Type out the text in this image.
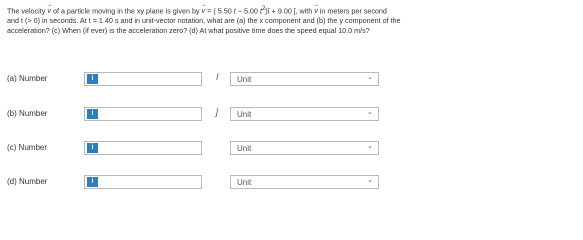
The velocity → v of a particle moving in the xy plane is given by → v = ( 5.50 t − 5.00 $t^2)î + 9.00$ ĵ, with → v in meters per second

and t (> 0) in seconds. At t = 1.40 s and in unit-vector notation, what are (a) the x component and (b) the y component of the

acceleration? (c) When (if ever) is the acceleration zero? (d) At what positive time does the speed equal 10.0 m/s?

(a) Number	i	î Unit	⌄
(b) Number	i	ĵ Unit	⌄
(c) Number	i	Unit	⌄
(d) Number	i	Unit	⌄
